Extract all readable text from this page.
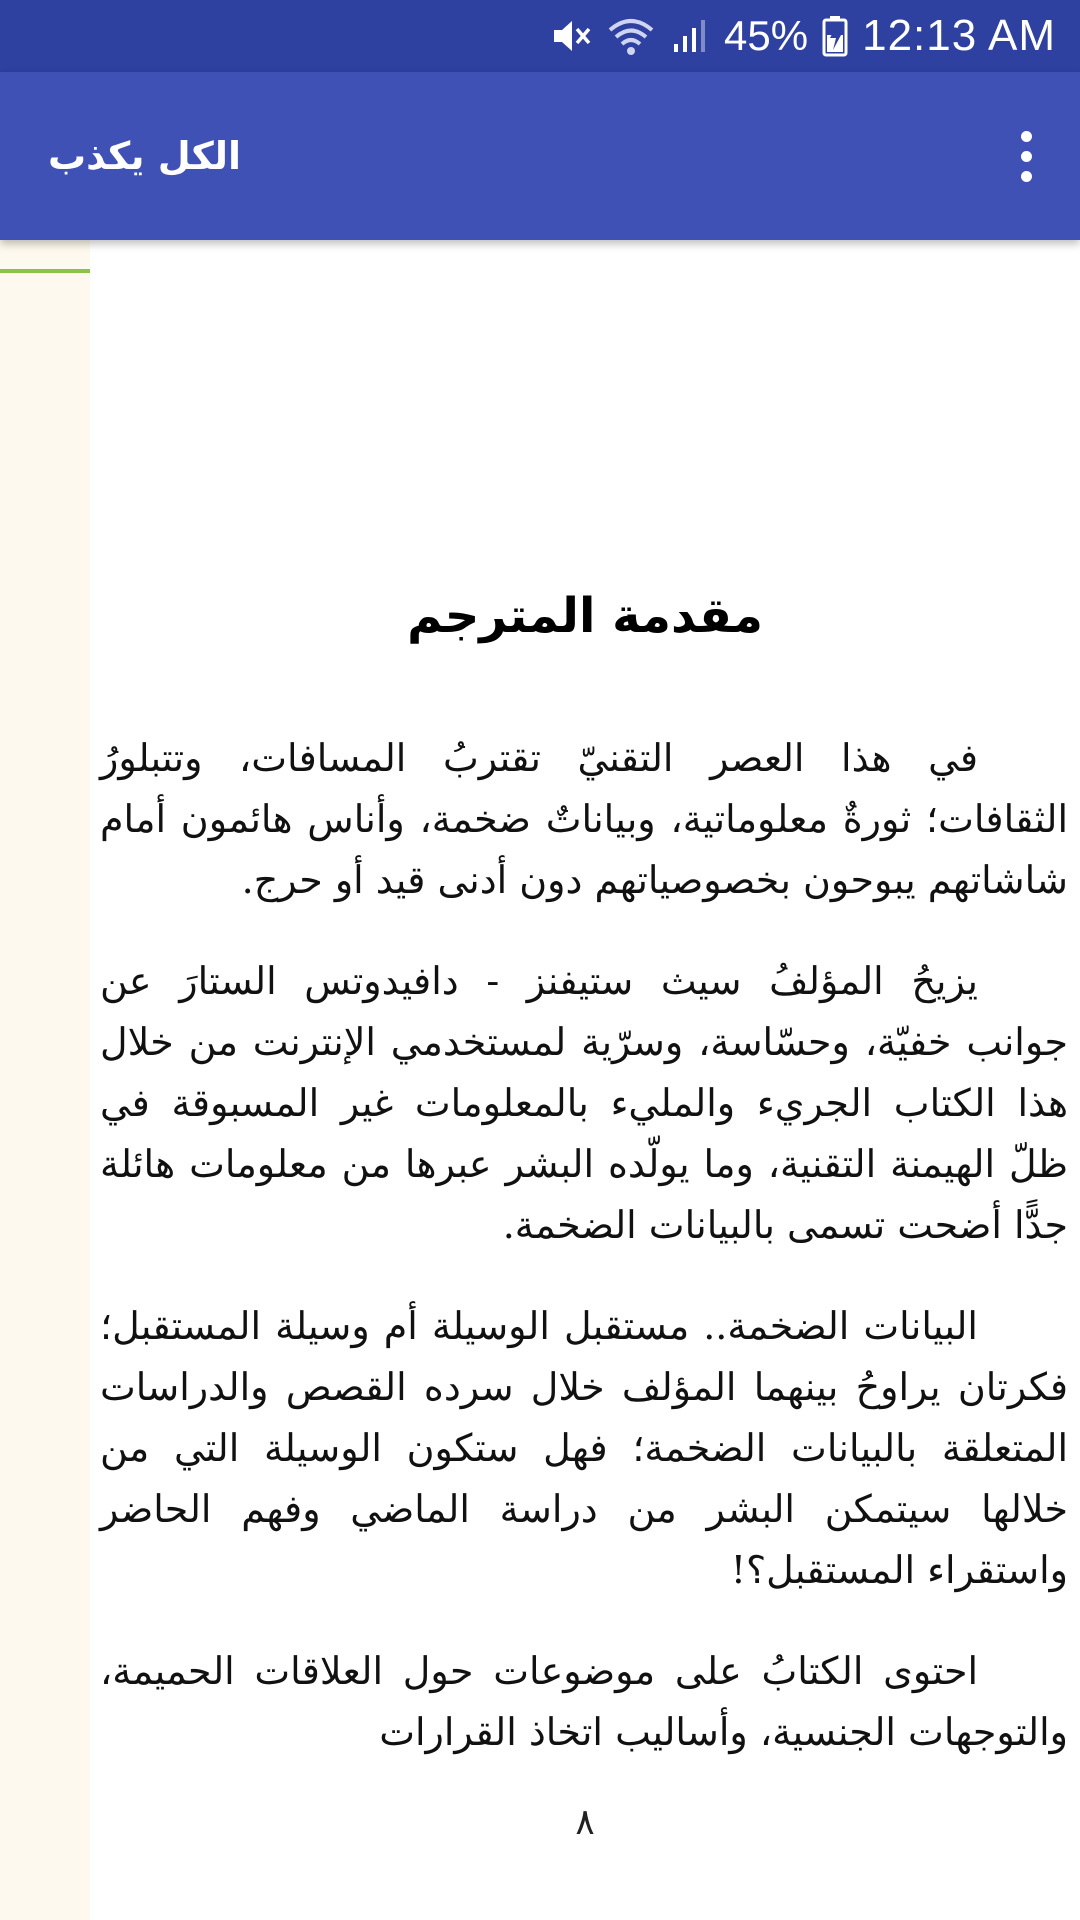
45% 12:13 AM
الكل يكذب
مقدمة المترجم

في هذا العصر التقنيّ تقتربُ المسافات، وتتبلورُ الثقافات؛ ثورةٌ معلوماتية، وبياناتٌ ضخمة، وأناس هائمون أمام شاشاتهم يبوحون بخصوصياتهم دون أدنى قيد أو حرج.

يزيحُ المؤلفُ سيث ستيفنز - دافيدوتس الستارَ عن جوانب خفيّة، وحسّاسة، وسرّية لمستخدمي الإنترنت من خلال هذا الكتاب الجريء والمليء بالمعلومات غير المسبوقة في ظلّ الهيمنة التقنية، وما يولّده البشر عبرها من معلومات هائلة جدًّا أضحت تسمى بالبيانات الضخمة.

البيانات الضخمة.. مستقبل الوسيلة أم وسيلة المستقبل؛ فكرتان يراوحُ بينهما المؤلف خلال سرده القصص والدراسات المتعلقة بالبيانات الضخمة؛ فهل ستكون الوسيلة التي من خلالها سيتمكن البشر من دراسة الماضي وفهم الحاضر واستقراء المستقبل؟!

احتوى الكتابُ على موضوعات حول العلاقات الحميمة، والتوجهات الجنسية، وأساليب اتخاذ القرارات

٨
